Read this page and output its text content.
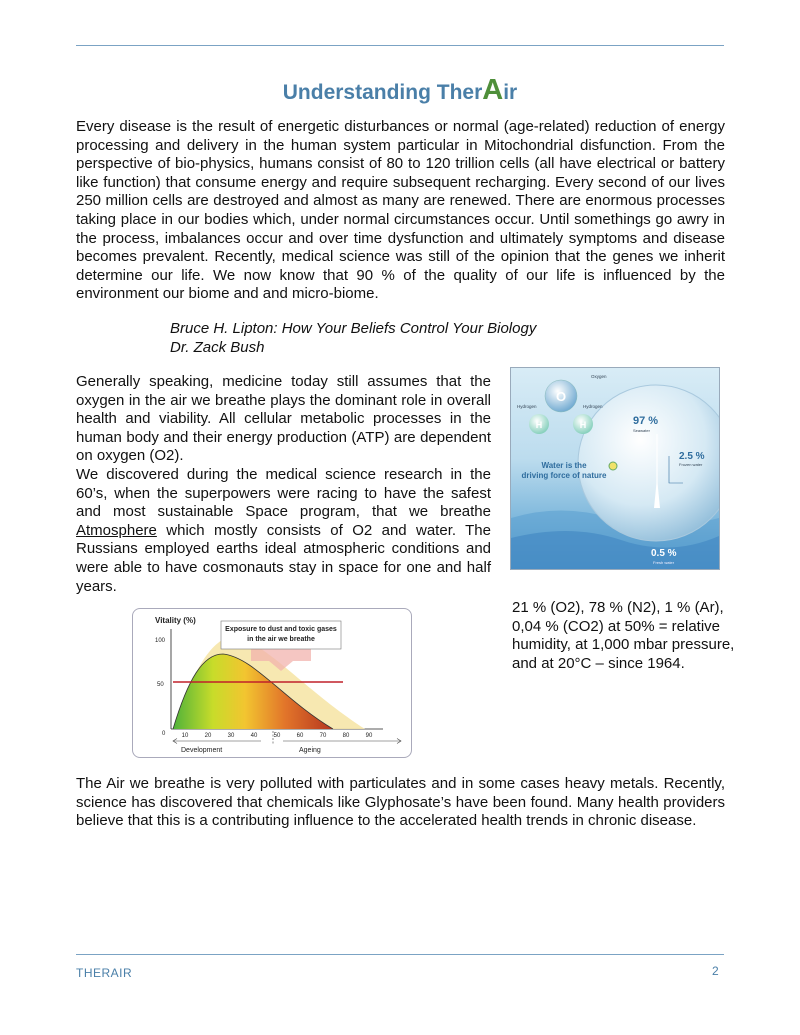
Understanding TherAir

Every disease is the result of energetic disturbances or normal (age-related) reduction of energy processing and delivery in the human system particular in Mitochondrial disfunction. From the perspective of bio-physics, humans consist of 80 to 120 trillion cells (all have electrical or battery like function) that consume energy and require subsequent recharging. Every second of our lives 250 million cells are destroyed and almost as many are renewed. There are enormous processes taking place in our bodies which, under normal circumstances occur. Until somethings go awry in the process, imbalances occur and over time dysfunction and ultimately symptoms and disease becomes prevalent. Recently, medical science was still of the opinion that the genes we inherit determine our life. We now know that 90 % of the quality of our life is influenced by the environment our biome and and micro-biome.

Bruce H. Lipton: How Your Beliefs Control Your Biology

Dr. Zack Bush

Generally speaking, medicine today still assumes that the oxygen in the air we breathe plays the dominant role in overall health and viability. All cellular metabolic processes in the human body and their energy production (ATP) are dependent on oxygen (O2).

We discovered during the medical science research in the 60’s, when the superpowers were racing to have the safest and most sustainable Space program, that we breathe Atmosphere which mostly consists of O2 and water. The Russians employed earths ideal atmospheric conditions and were able to have cosmonauts stay in space for one and half years.

O
H	H
Oxygen
Hydrogen	Hydrogen
Water is the
driving force of nature
97 %
Seawater
2.5 %
Frozen water
0.5 %
Fresh water

21 % (O2), 78 % (N2), 1 % (Ar), 0,04 % (CO2) at 50% = relative humidity, at 1,000 mbar pressure, and at 20°C – since 1964.

Vitality (%)
100
50
0
Exposure to dust and toxic gases
in the air we breathe
10	20	30	40	50	60	70	80	90
Development	Ageing

The Air we breathe is very polluted with particulates and in some cases heavy metals. Recently, science has discovered that chemicals like Glyphosate’s have been found. Many health providers believe that this is a contributing influence to the accelerated health trends in chronic disease.

THERAIR	2
